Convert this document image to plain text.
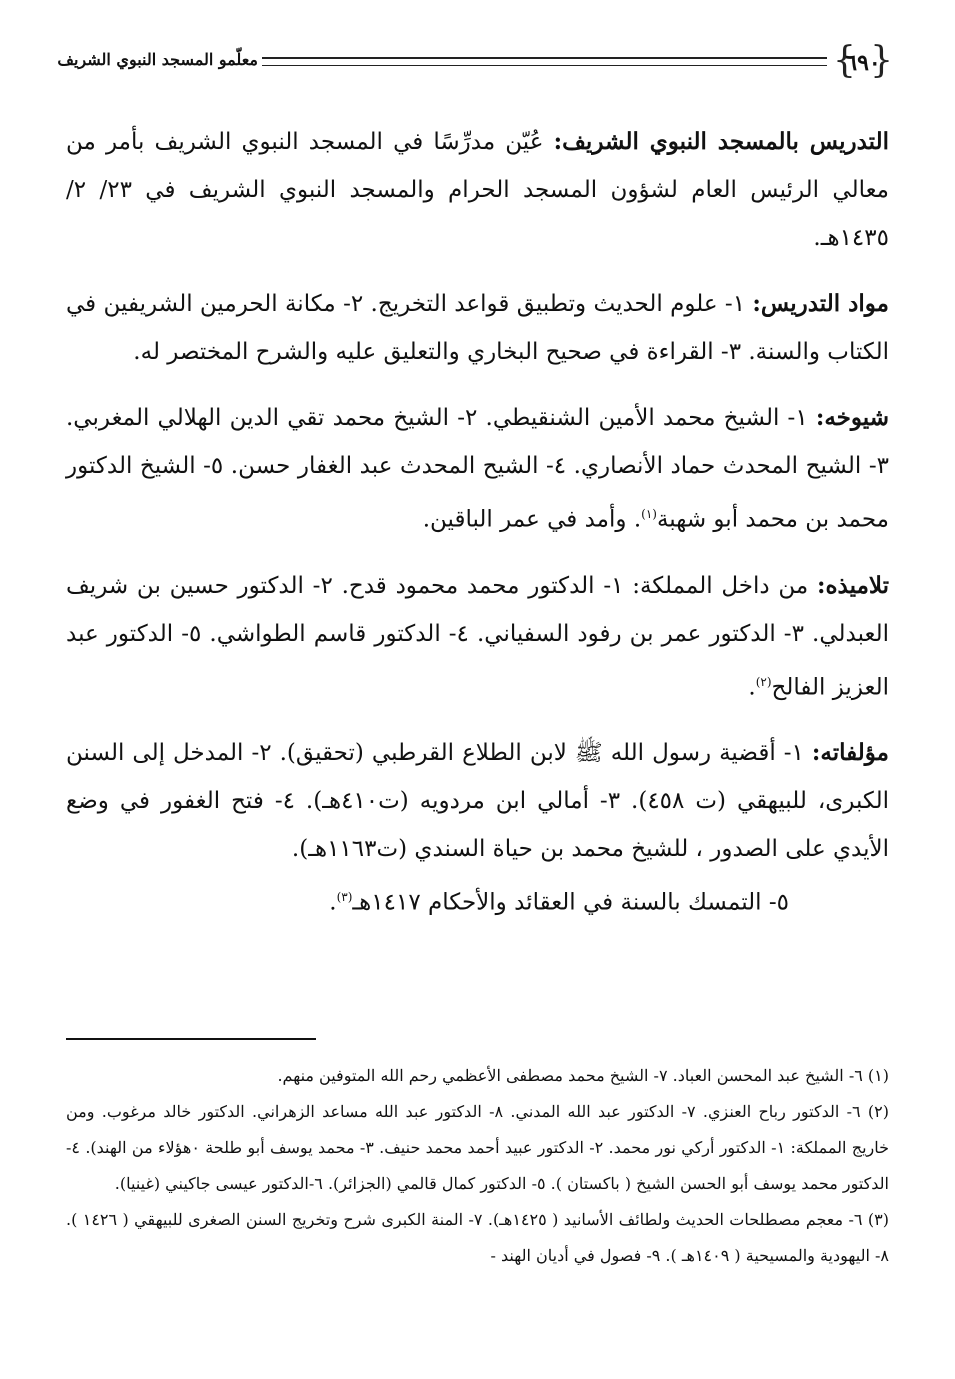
{ ٦٩٠ }
معلّمو المسجد النبوي الشريف

التدريس بالمسجد النبوي الشريف: عُيّن مدرِّسًا في المسجد النبوي الشريف بأمر من معالي الرئيس العام لشؤون المسجد الحرام والمسجد النبوي الشريف في ٢٣/ ٢/ ١٤٣٥هـ.

مواد التدريس: ١- علوم الحديث وتطبيق قواعد التخريج. ٢- مكانة الحرمين الشريفين في الكتاب والسنة. ٣- القراءة في صحيح البخاري والتعليق عليه والشرح المختصر له.

شيوخه: ١- الشيخ محمد الأمين الشنقيطي. ٢- الشيخ محمد تقي الدين الهلالي المغربي. ٣- الشيح المحدث حماد الأنصاري. ٤- الشيح المحدث عبد الغفار حسن. ٥- الشيخ الدكتور محمد بن محمد أبو شهبة$^{(١)}$. وأمد في عمر الباقين.

تلاميذه: من داخل المملكة: ١- الدكتور محمد محمود قدح. ٢- الدكتور حسين بن شريف العبدلي. ٣- الدكتور عمر بن رفود السفياني. ٤- الدكتور قاسم الطواشي. ٥- الدكتور عبد العزيز الفالح$^{(٢)}$.

مؤلفاته: ١- أقضية رسول الله ﷺ لابن الطلاع القرطبي (تحقيق). ٢- المدخل إلى السنن الكبرى، للبيهقي (ت ٤٥٨). ٣- أمالي ابن مردويه (ت٤١٠هـ). ٤- فتح الغفور في وضع الأيدي على الصدور ، للشيخ محمد بن حياة السندي (ت١١٦٣هـ).

٥- التمسك بالسنة في العقائد والأحكام ١٤١٧هـ$^{(٣)}$.

(١) ٦- الشيخ عبد المحسن العباد. ٧- الشيخ محمد مصطفى الأعظمي رحم الله المتوفين منهم.

(٢) ٦- الدكتور رباح العنزي. ٧- الدكتور عبد الله المدني. ٨- الدكتور عبد الله مساعد الزهراني. الدكتور خالد مرغوب. ومن خاريج المملكة: ١- الدكتور أركي نور محمد. ٢- الدكتور عبيد أحمد محمد حنيف. ٣- محمد يوسف أبو طلحة ٠هؤلاء من الهند). ٤- الدكتور محمد يوسف أبو الحسن الشيخ ( باكستان ). ٥- الدكتور كمال قالمي (الجزائر). ٦-الدكتور عيسى جاكيني (غينيا).

(٣) ٦- معجم مصطلحات الحديث ولطائف الأسانيد ( ١٤٢٥هـ). ٧- المنة الكبرى شرح وتخريج السنن الصغرى للبيهقي ( ١٤٢٦ ). ٨- اليهودية والمسيحية ( ١٤٠٩هـ ). ٩- فصول في أديان الهند -
